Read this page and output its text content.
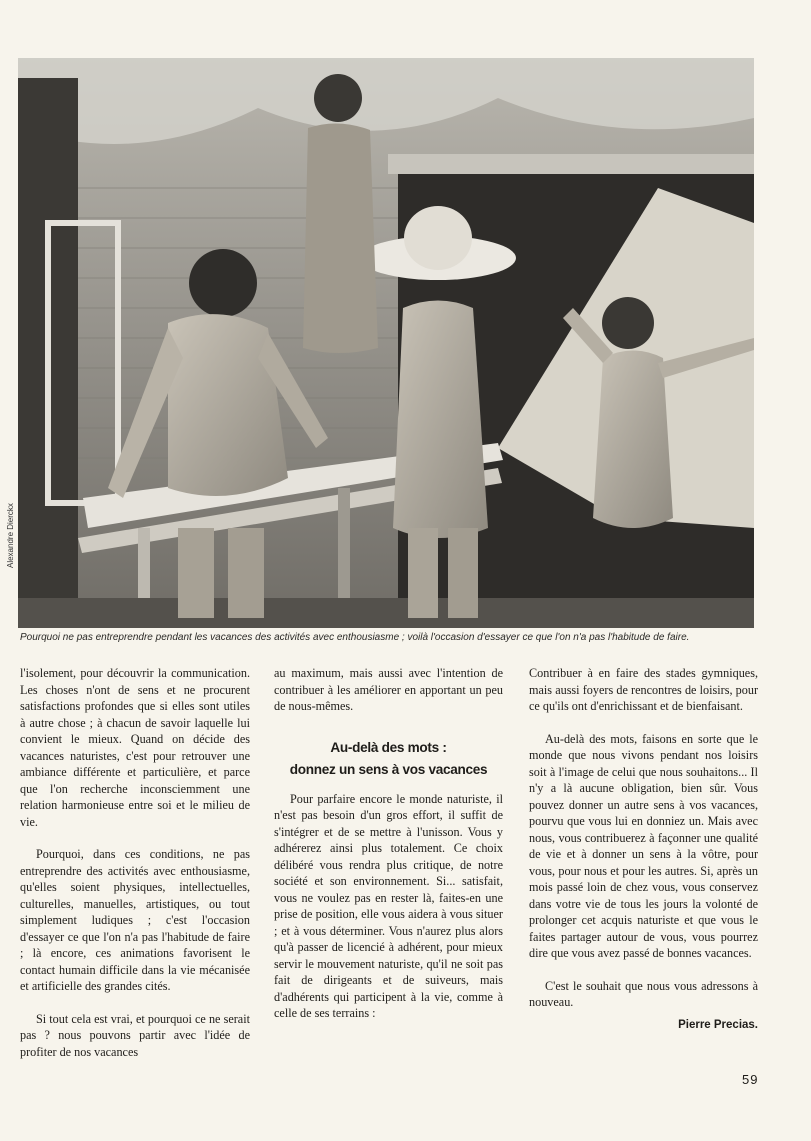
Alexandre Dierckx
Pourquoi ne pas entreprendre pendant les vacances des activités avec enthousiasme ; voilà l'occasion d'essayer ce que l'on n'a pas l'habitude de faire.

l'isolement, pour découvrir la communication. Les choses n'ont de sens et ne procurent satisfactions profondes que si elles sont utiles à autre chose ; à chacun de savoir laquelle lui convient le mieux. Quand on décide des vacances naturistes, c'est pour retrouver une ambiance différente et particulière, et parce que l'on recherche inconsciemment une relation harmonieuse entre soi et le milieu de vie.

Pourquoi, dans ces conditions, ne pas entreprendre des activités avec enthousiasme, qu'elles soient physiques, intellectuelles, culturelles, manuelles, artistiques, ou tout simplement ludiques ; c'est l'occasion d'essayer ce que l'on n'a pas l'habitude de faire ; là encore, ces animations favorisent le contact humain difficile dans la vie mécanisée et artificielle des grandes cités.

Si tout cela est vrai, et pourquoi ce ne serait pas ? nous pouvons partir avec l'idée de profiter de nos vacances

au maximum, mais aussi avec l'intention de contribuer à les améliorer en apportant un peu de nous-mêmes.

Au-delà des mots :
donnez un sens à vos vacances

Pour parfaire encore le monde naturiste, il n'est pas besoin d'un gros effort, il suffit de s'intégrer et de se mettre à l'unisson. Vous y adhérerez ainsi plus totalement. Ce choix délibéré vous rendra plus critique, de notre société et son environnement. Si... satisfait, vous ne voulez pas en rester là, faites-en une prise de position, elle vous aidera à vous situer ; et à vous déterminer. Vous n'aurez plus alors qu'à passer de licencié à adhérent, pour mieux servir le mouvement naturiste, qu'il ne soit pas fait de dirigeants et de suiveurs, mais d'adhérents qui participent à la vie, comme à celle de ses terrains :

Contribuer à en faire des stades gymniques, mais aussi foyers de rencontres de loisirs, pour ce qu'ils ont d'enrichissant et de bienfaisant.

Au-delà des mots, faisons en sorte que le monde que nous vivons pendant nos loisirs soit à l'image de celui que nous souhaitons... Il n'y a là aucune obligation, bien sûr. Vous pouvez donner un autre sens à vos vacances, pourvu que vous lui en donniez un. Mais avec nous, vous contribuerez à façonner une qualité de vie et à donner un sens à la vôtre, pour vous, pour nous et pour les autres. Si, après un mois passé loin de chez vous, vous conservez dans votre vie de tous les jours la volonté de prolonger cet acquis naturiste et que vous le faites partager autour de vous, vous pourrez dire que vous avez passé de bonnes vacances.

C'est le souhait que nous vous adressons à nouveau.

Pierre Precias.
59
